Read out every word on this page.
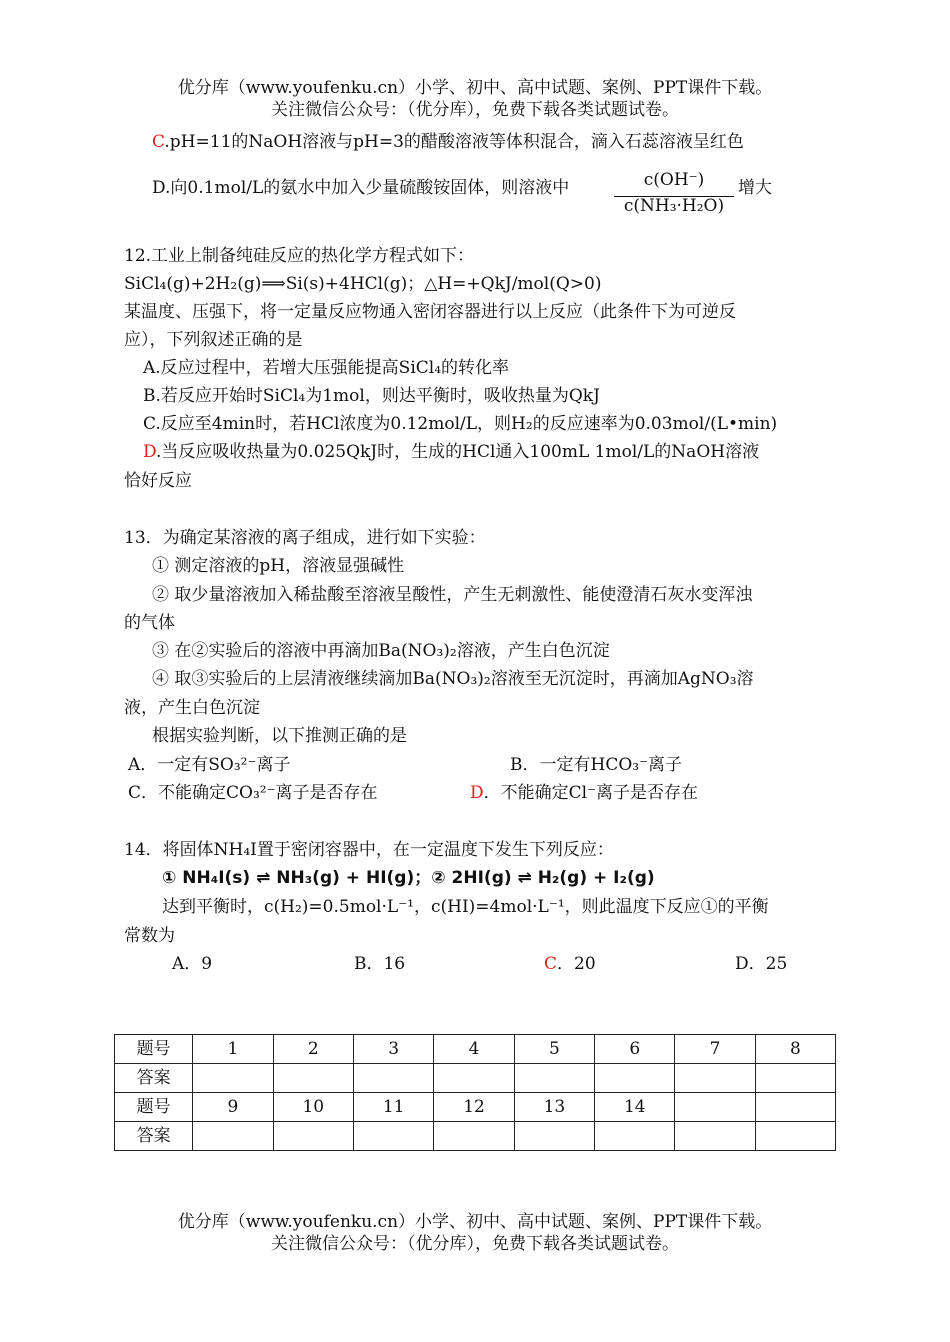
优分库（www.youfenku.cn）小学、初中、高中试题、案例、PPT课件下载。
关注微信公众号：（优分库），免费下载各类试题试卷。
C.pH=11的NaOH溶液与pH=3的醋酸溶液等体积混合，滴入石蕊溶液呈红色
D.向0.1mol/L的氨水中加入少量硫酸铵固体，则溶液中	c(OH⁻)
c(NH₃·H₂O)
增大
12.工业上制备纯硅反应的热化学方程式如下：
SiCl₄(g)+2H₂(g)⟹Si(s)+4HCl(g)；△H=+QkJ/mol(Q>0)
某温度、压强下，将一定量反应物通入密闭容器进行以上反应（此条件下为可逆反
应），下列叙述正确的是
A.反应过程中，若增大压强能提高SiCl₄的转化率
B.若反应开始时SiCl₄为1mol，则达平衡时，吸收热量为QkJ
C.反应至4min时，若HCl浓度为0.12mol/L，则H₂的反应速率为0.03mol/(L•min)
D.当反应吸收热量为0.025QkJ时，生成的HCl通入100mL 1mol/L的NaOH溶液
恰好反应
13．为确定某溶液的离子组成，进行如下实验：
① 测定溶液的pH，溶液显强碱性
② 取少量溶液加入稀盐酸至溶液呈酸性，产生无刺激性、能使澄清石灰水变浑浊
的气体
③ 在②实验后的溶液中再滴加Ba(NO₃)₂溶液，产生白色沉淀
④ 取③实验后的上层清液继续滴加Ba(NO₃)₂溶液至无沉淀时，再滴加AgNO₃溶
液，产生白色沉淀
根据实验判断，以下推测正确的是
A．一定有SO₃²⁻离子	B．一定有HCO₃⁻离子
C．不能确定CO₃²⁻离子是否存在	D．不能确定Cl⁻离子是否存在
14．将固体NH₄I置于密闭容器中，在一定温度下发生下列反应：
① NH₄I(s) ⇌ NH₃(g) + HI(g)；② 2HI(g) ⇌ H₂(g) + I₂(g)
达到平衡时，c(H₂)=0.5mol·L⁻¹，c(HI)=4mol·L⁻¹，则此温度下反应①的平衡
常数为
A．9	B．16	C．20	D．25
题号	1	2	3	4	5	6	7	8
答案								
题号	9	10	11	12	13	14		
答案								
优分库（www.youfenku.cn）小学、初中、高中试题、案例、PPT课件下载。
关注微信公众号：（优分库），免费下载各类试题试卷。
